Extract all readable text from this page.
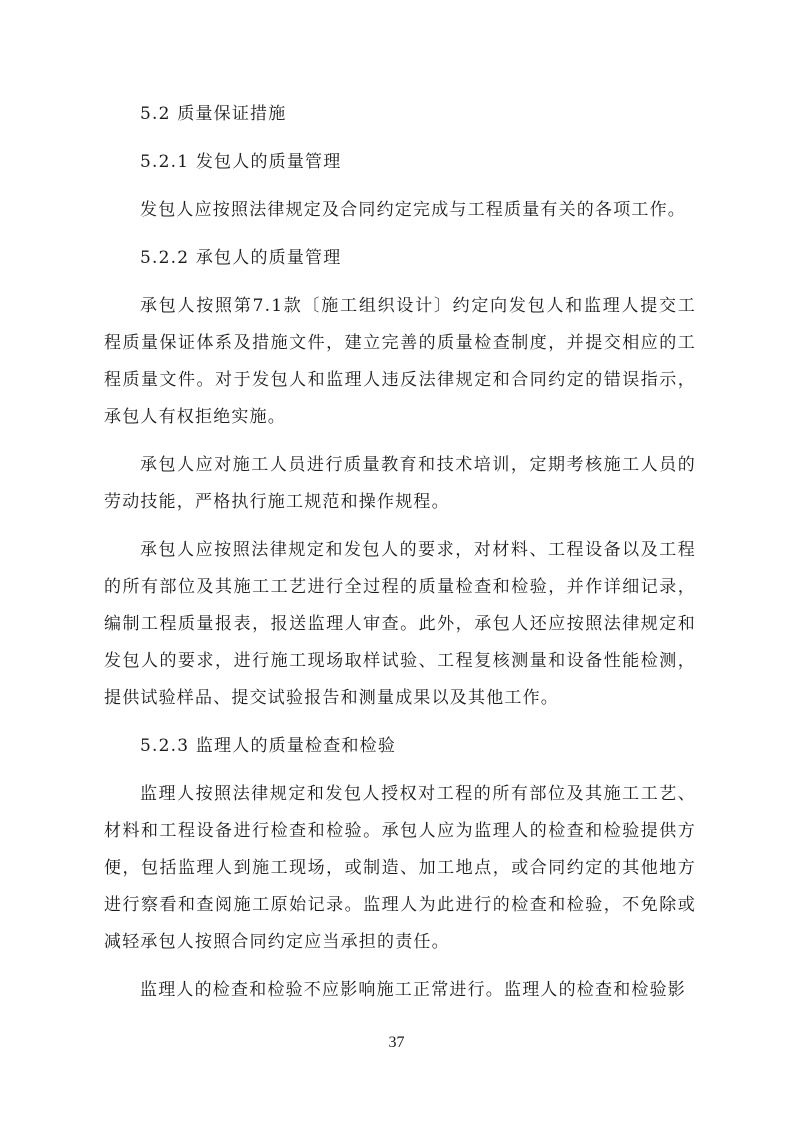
5.2 质量保证措施
5.2.1 发包人的质量管理
发包人应按照法律规定及合同约定完成与工程质量有关的各项工作。
5.2.2 承包人的质量管理
承包人按照第7.1款〔施工组织设计〕约定向发包人和监理人提交工程质量保证体系及措施文件，建立完善的质量检查制度，并提交相应的工程质量文件。对于发包人和监理人违反法律规定和合同约定的错误指示，承包人有权拒绝实施。
承包人应对施工人员进行质量教育和技术培训，定期考核施工人员的劳动技能，严格执行施工规范和操作规程。
承包人应按照法律规定和发包人的要求，对材料、工程设备以及工程的所有部位及其施工工艺进行全过程的质量检查和检验，并作详细记录，编制工程质量报表，报送监理人审查。此外，承包人还应按照法律规定和发包人的要求，进行施工现场取样试验、工程复核测量和设备性能检测，提供试验样品、提交试验报告和测量成果以及其他工作。
5.2.3 监理人的质量检查和检验
监理人按照法律规定和发包人授权对工程的所有部位及其施工工艺、材料和工程设备进行检查和检验。承包人应为监理人的检查和检验提供方便，包括监理人到施工现场，或制造、加工地点，或合同约定的其他地方进行察看和查阅施工原始记录。监理人为此进行的检查和检验，不免除或减轻承包人按照合同约定应当承担的责任。
监理人的检查和检验不应影响施工正常进行。监理人的检查和检验影
37
